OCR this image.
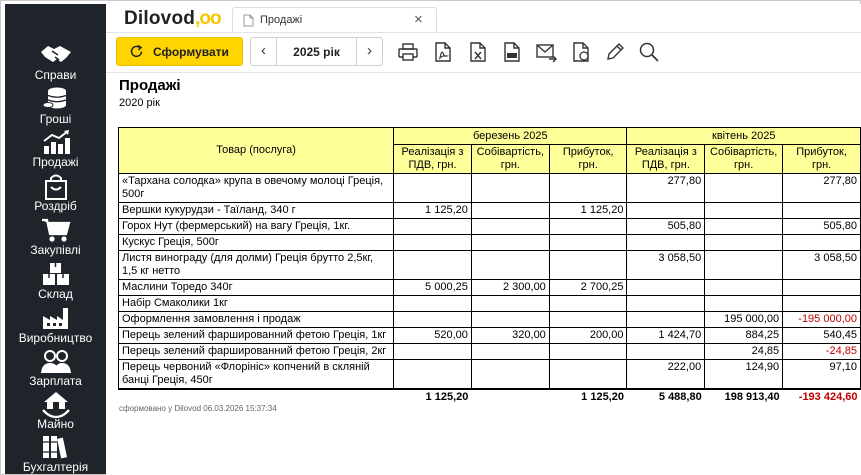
Справи
Гроші
Продажі
Роздріб
Закупівлі
Склад
Виробництво
Зарплата
Майно
Бухгалтерія
Dilovod,oo	Продажі	×
Сформувати	‹	2025 рік	›
Продажі
2020 рік
Товар (послуга)	березень 2025			квітень 2025		
	Реалізація з ПДВ, грн.	Собівартість, грн.	Прибуток, грн.	Реалізація з ПДВ, грн.	Собівартість, грн.	Прибуток, грн.
«Тархана солодка» крупа в овечому молоці Греція, 500г				277,80		277,80
Вершки кукурудзи - Таїланд, 340 г	1 125,20		1 125,20			
Горох Нут (фермерський) на вагу Греція, 1кг.				505,80		505,80
Кускус Греція, 500г						
Листя винограду (для долми) Греція брутто 2,5кг, 1,5 кг нетто				3 058,50		3 058,50
Маслини Торедо 340г	5 000,25	2 300,00	2 700,25			
Набір Смаколики 1кг						
Оформлення замовлення і продаж					195 000,00	-195 000,00
Перець зелений фаршированний фетою Греція, 1кг	520,00	320,00	200,00	1 424,70	884,25	540,45
Перець зелений фаршированний фетою Греція, 2кг					24,85	-24,85
Перець червоний «Флорініс» копчений в скляній банці Греція, 450г				222,00	124,90	97,10
	1 125,20		1 125,20	5 488,80	198 913,40	-193 424,60
сформовано у Dilovod 06.03.2026 15:37:34
